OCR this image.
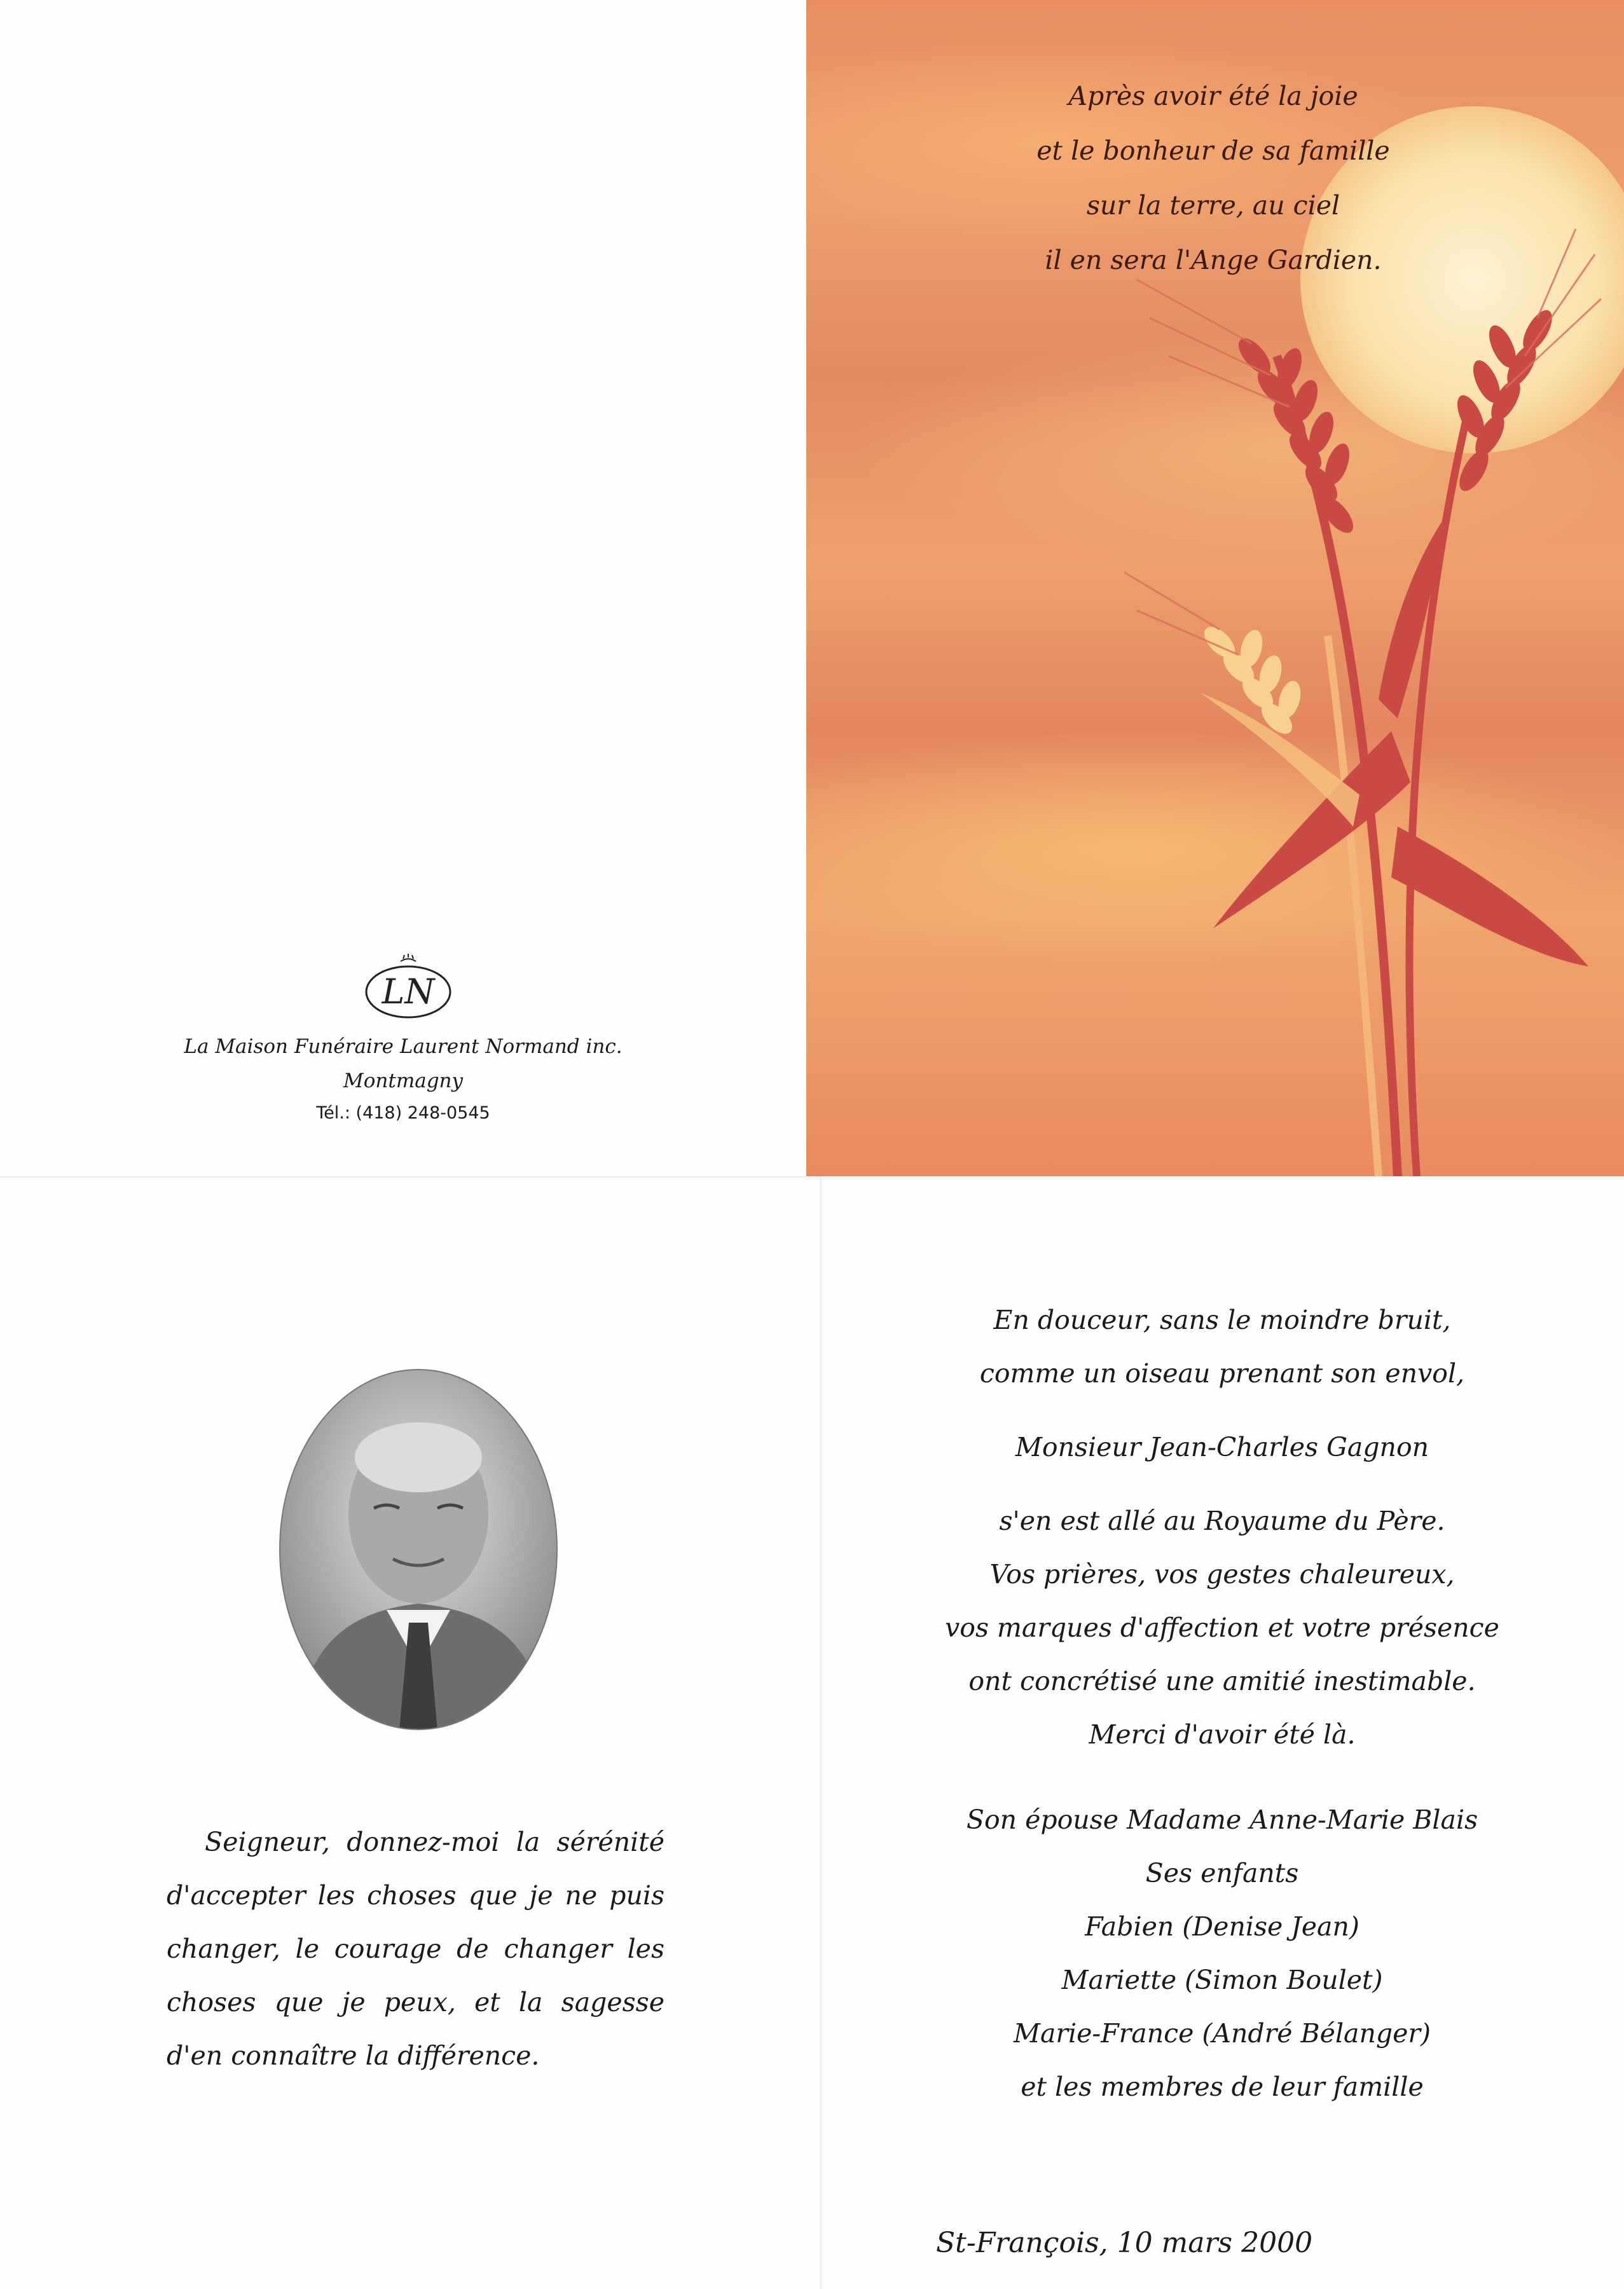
LN
La Maison Funéraire Laurent Normand inc.
Montmagny
Tél.: (418) 248-0545
Après avoir été la joie
et le bonheur de sa famille
sur la terre, au ciel
il en sera l'Ange Gardien.
Seigneur, donnez-moi la sérénité d'accepter les choses que je ne puis changer, le courage de changer les choses que je peux, et la sagesse d'en connaître la différence.
En douceur, sans le moindre bruit,
comme un oiseau prenant son envol,
Monsieur Jean-Charles Gagnon
s'en est allé au Royaume du Père.
Vos prières, vos gestes chaleureux,
vos marques d'affection et votre présence
ont concrétisé une amitié inestimable.
Merci d'avoir été là.
Son épouse Madame Anne-Marie Blais
Ses enfants
Fabien (Denise Jean)
Mariette (Simon Boulet)
Marie-France (André Bélanger)
et les membres de leur famille
St-François, 10 mars 2000
